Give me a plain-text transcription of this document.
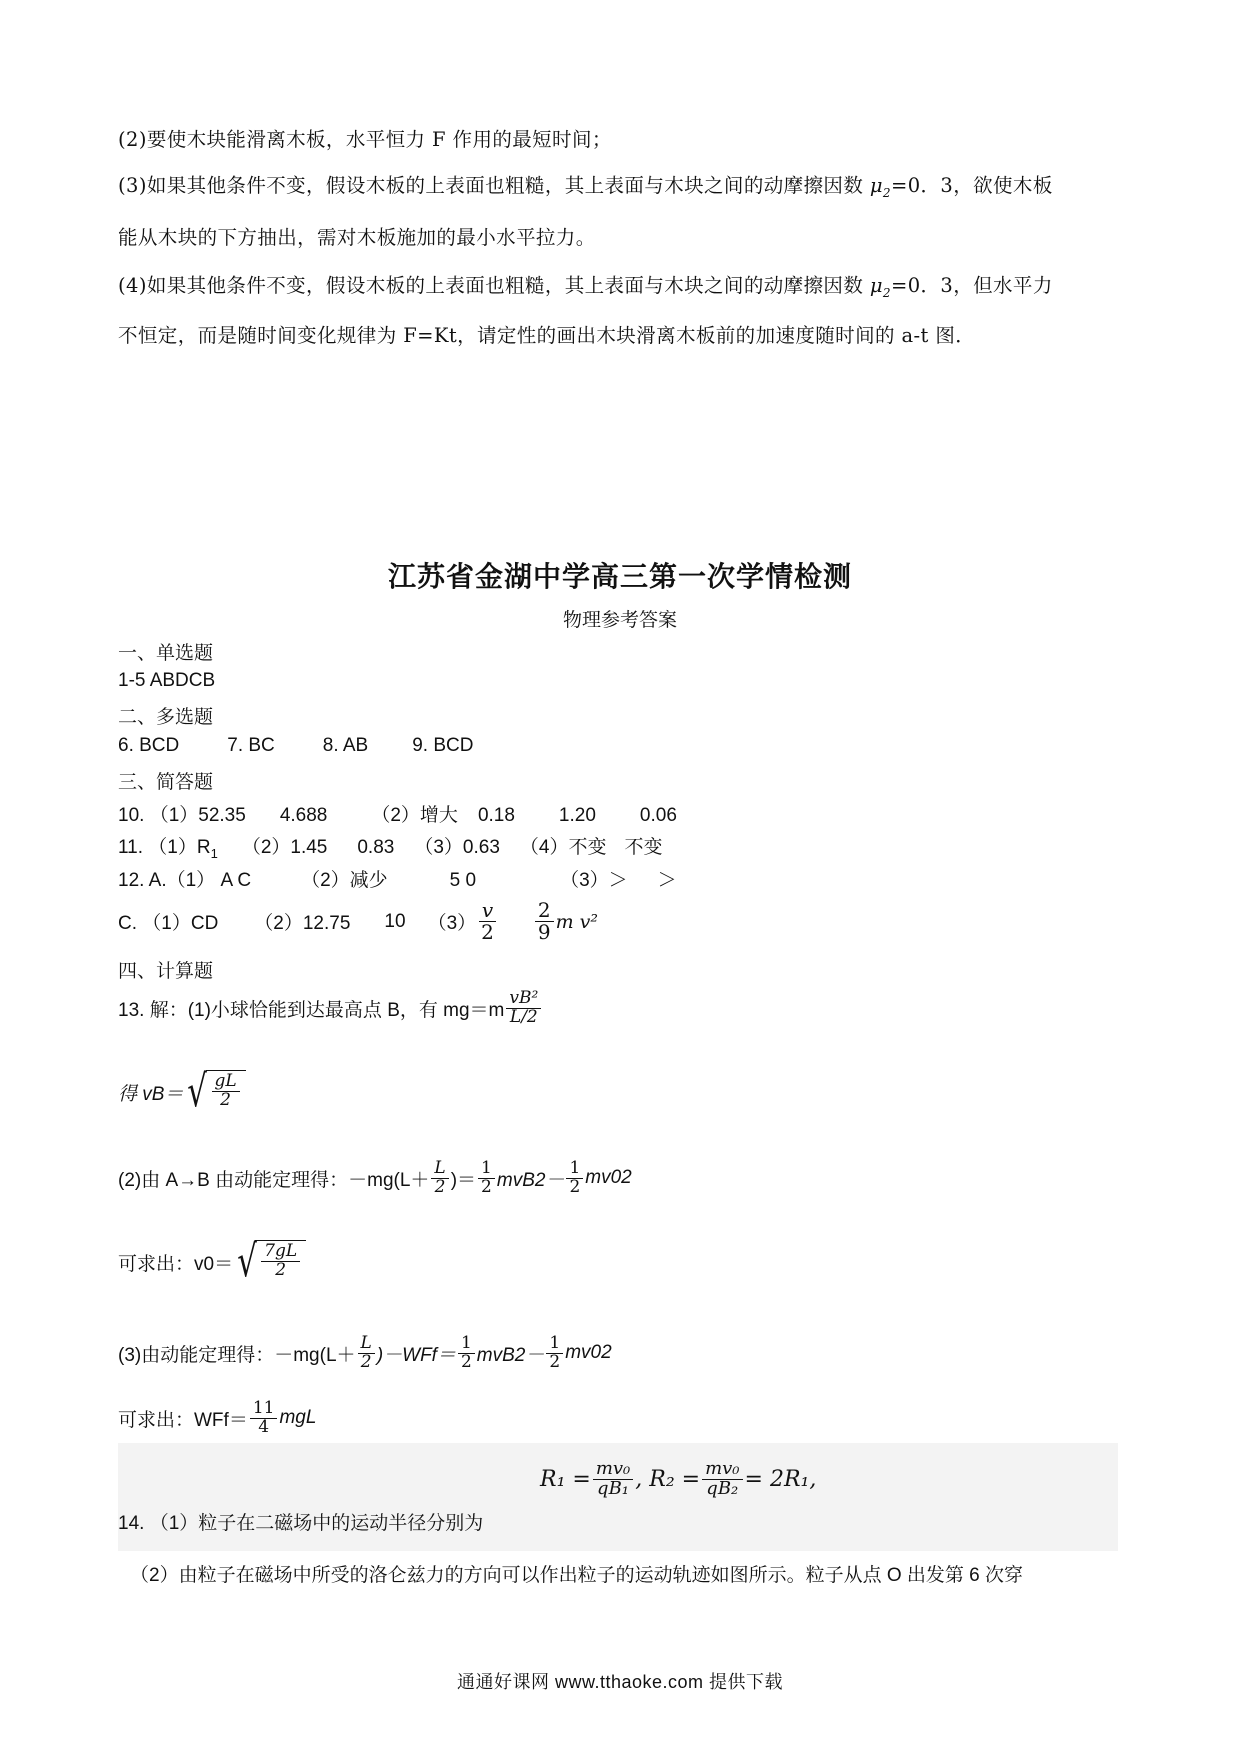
(2)要使木块能滑离木板，水平恒力 F 作用的最短时间；
(3)如果其他条件不变，假设木板的上表面也粗糙，其上表面与木块之间的动摩擦因数 $\mu_2=0$．3，欲使木板
能从木块的下方抽出，需对木板施加的最小水平拉力。
(4)如果其他条件不变，假设木板的上表面也粗糙，其上表面与木块之间的动摩擦因数 $\mu_2=0$．3，但水平力
不恒定，而是随时间变化规律为 F=Kt，请定性的画出木块滑离木板前的加速度随时间的 a-t 图．
江苏省金湖中学高三第一次学情检测
物理参考答案
一、单选题
1-5 ABDCB
二、多选题
6. BCD	7. BC	8. AB 9. BCD
三、简答题
10. （1）52.35 4.688 （2）增大 0.18 1.20 0.06
11. $(1)R_1$ （2）1.45 0.83 （3）0.63 （4）不变 不变
12. A.（1） A C	（2）减少	5 0	（3）＞ ＞
C. （1）CD （2）12.75 10 $(3) \frac{v}{2} \frac{2}{9}$ m v²
四、计算题
13. 解：(1)小球恰能到达最高点 B，有 $mg=m \frac{\text{vB²}}{L/2}$
得 vB＝ √ $\frac{gL}{2}$
(2)由 A→B 由动能定理得：$-mg(L+ \frac{L}{2}$ )＝ $\frac{1}{2} mvB2- \frac{1}{2} mv02$
可求出：v0＝ √ $\frac{7gL}{2}$
(3)由动能定理得：$-mg(L+ \frac{L}{2} )-WFf= \frac{1}{2} mvB2- \frac{1}{2} mv02$
可求出：$WFf= \frac{11}{4}$ mgL
$R_1 = \frac{\text{mv₀}}{\text{qB₁}}$ , $R_2 = \frac{\text{mv₀}}{\text{qB₂}} = 2R_1$,
14. （1）粒子在二磁场中的运动半径分别为
（2）由粒子在磁场中所受的洛仑兹力的方向可以作出粒子的运动轨迹如图所示。粒子从点 O 出发第 6 次穿
通通好课网 www.tthaoke.com 提供下载
